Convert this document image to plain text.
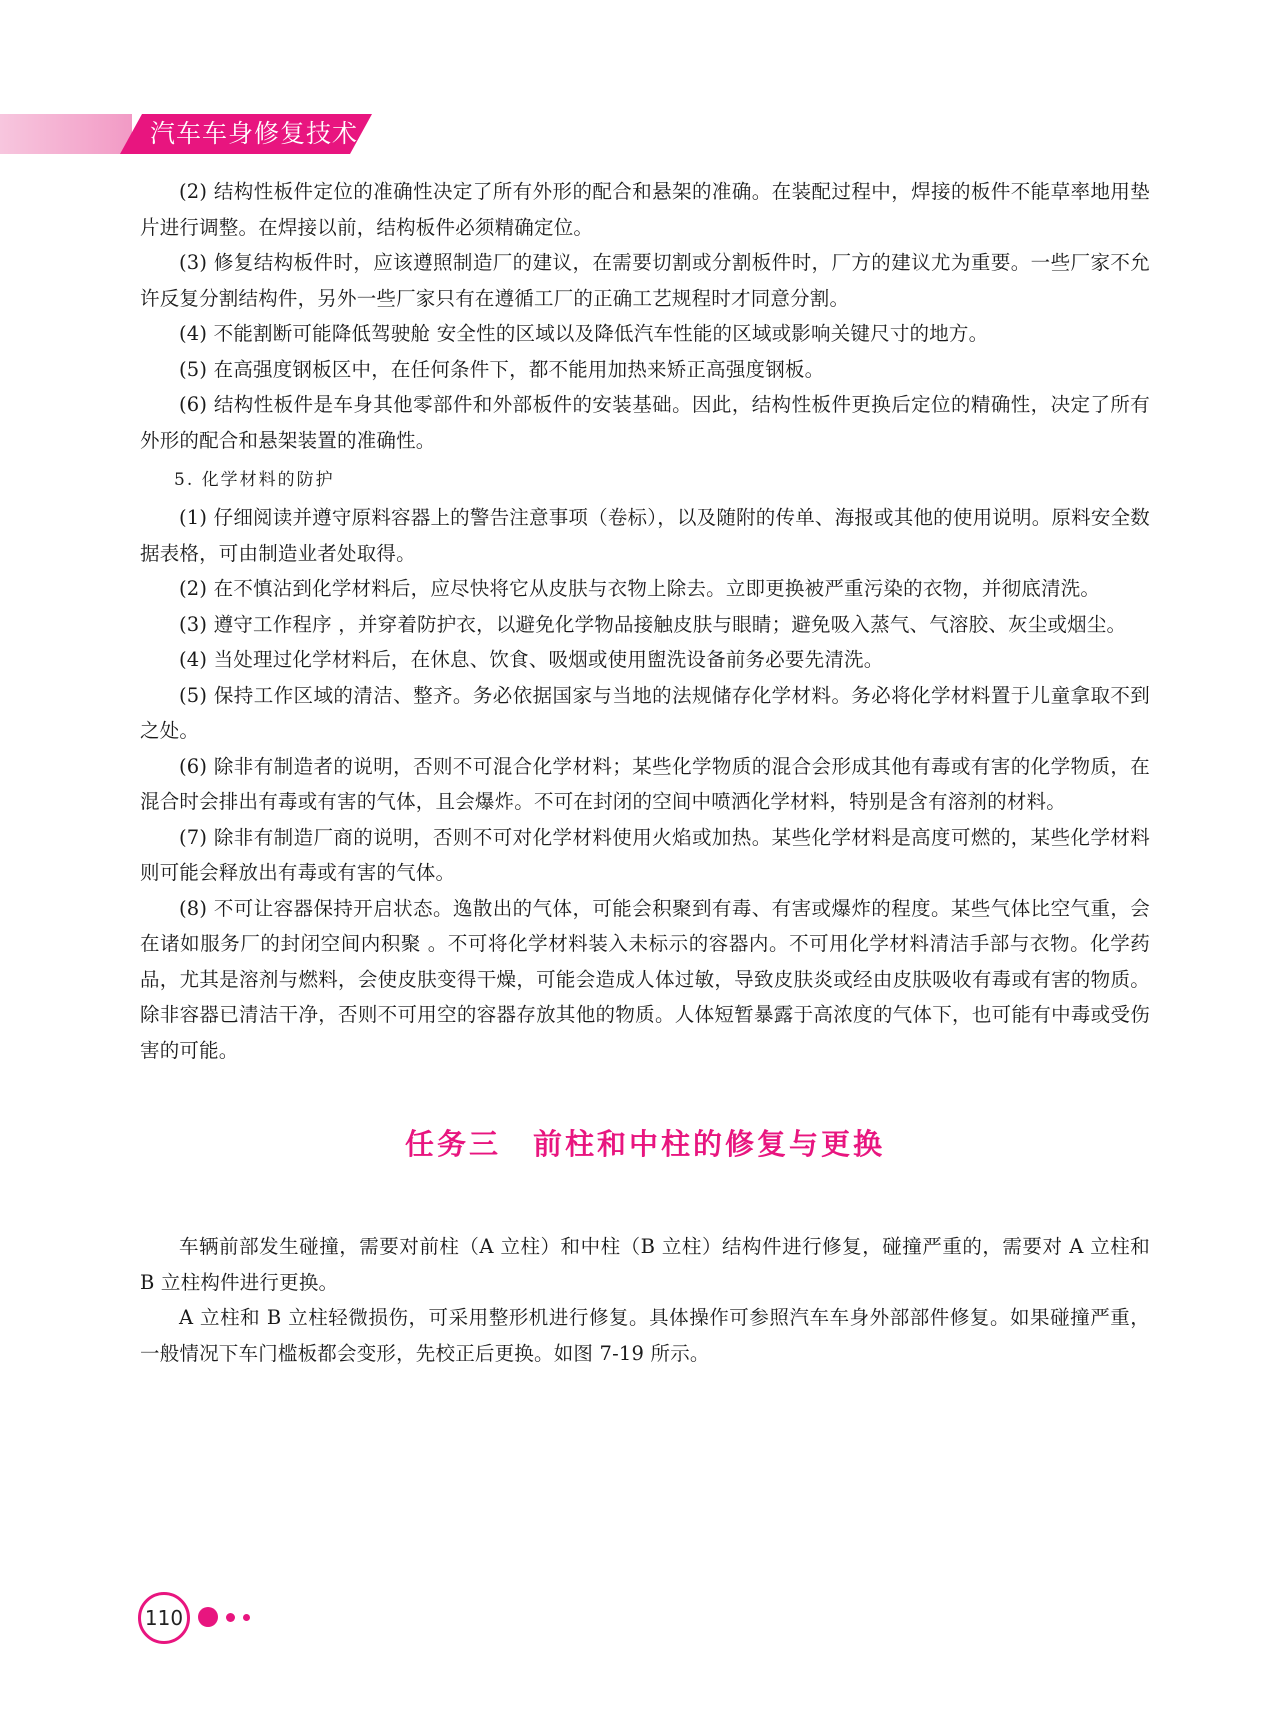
汽车车身修复技术

(2) 结构性板件定位的准确性决定了所有外形的配合和悬架的准确。在装配过程中，焊接的板件不能草率地用垫片进行调整。在焊接以前，结构板件必须精确定位。

(3) 修复结构板件时，应该遵照制造厂的建议，在需要切割或分割板件时，厂方的建议尤为重要。一些厂家不允许反复分割结构件，另外一些厂家只有在遵循工厂的正确工艺规程时才同意分割。

(4) 不能割断可能降低驾驶舱 安全性的区域以及降低汽车性能的区域或影响关键尺寸的地方。

(5) 在高强度钢板区中，在任何条件下，都不能用加热来矫正高强度钢板。

(6) 结构性板件是车身其他零部件和外部板件的安装基础。因此，结构性板件更换后定位的精确性，决定了所有外形的配合和悬架装置的准确性。

5. 化学材料的防护

(1) 仔细阅读并遵守原料容器上的警告注意事项（卷标），以及随附的传单、海报或其他的使用说明。原料安全数据表格，可由制造业者处取得。

(2) 在不慎沾到化学材料后，应尽快将它从皮肤与衣物上除去。立即更换被严重污染的衣物，并彻底清洗。

(3) 遵守工作程序 ，并穿着防护衣，以避免化学物品接触皮肤与眼睛；避免吸入蒸气、气溶胶、灰尘或烟尘。

(4) 当处理过化学材料后，在休息、饮食、吸烟或使用盥洗设备前务必要先清洗。

(5) 保持工作区域的清洁、整齐。务必依据国家与当地的法规储存化学材料。务必将化学材料置于儿童拿取不到之处。

(6) 除非有制造者的说明，否则不可混合化学材料；某些化学物质的混合会形成其他有毒或有害的化学物质，在混合时会排出有毒或有害的气体，且会爆炸。不可在封闭的空间中喷洒化学材料，特别是含有溶剂的材料。

(7) 除非有制造厂商的说明，否则不可对化学材料使用火焰或加热。某些化学材料是高度可燃的，某些化学材料则可能会释放出有毒或有害的气体。

(8) 不可让容器保持开启状态。逸散出的气体，可能会积聚到有毒、有害或爆炸的程度。某些气体比空气重，会在诸如服务厂的封闭空间内积聚 。不可将化学材料装入未标示的容器内。不可用化学材料清洁手部与衣物。化学药品，尤其是溶剂与燃料，会使皮肤变得干燥，可能会造成人体过敏，导致皮肤炎或经由皮肤吸收有毒或有害的物质。除非容器已清洁干净，否则不可用空的容器存放其他的物质。人体短暂暴露于高浓度的气体下，也可能有中毒或受伤害的可能。

任务三　前柱和中柱的修复与更换

车辆前部发生碰撞，需要对前柱（A 立柱）和中柱（B 立柱）结构件进行修复，碰撞严重的，需要对 A 立柱和 B 立柱构件进行更换。

A 立柱和 B 立柱轻微损伤，可采用整形机进行修复。具体操作可参照汽车车身外部部件修复。如果碰撞严重，一般情况下车门槛板都会变形，先校正后更换。如图 7-19 所示。

110
